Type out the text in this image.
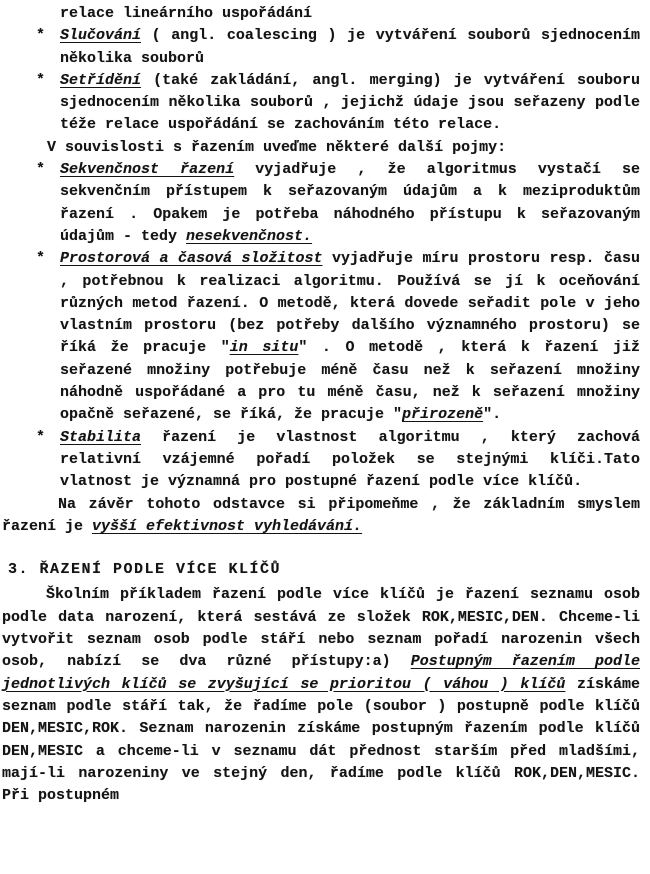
relace lineárního uspořádání

* Slučování ( angl. coalescing ) je vytváření souborů sjednocením několika souborů

* Setřídění (také zakládání, angl. merging) je vytváření souboru sjednocením několika souborů , jejichž údaje jsou seřazeny podle téže relace uspořádání se zachováním této relace.

V souvislosti s řazením uveďme některé další pojmy:

* Sekvenčnost řazení vyjadřuje , že algoritmus vystačí se sekvenčním přístupem k seřazovaným údajům a k meziproduktům řazení . Opakem je potřeba náhodného přístupu k seřazovaným údajům - tedy nesekvenčnost.

* Prostorová a časová složitost vyjadřuje míru prostoru resp. času , potřebnou k realizaci algoritmu. Používá se jí k oceňování různých metod řazení. O metodě, která dovede seřadit pole v jeho vlastním prostoru (bez potřeby dalšího významného prostoru) se říká že pracuje "in situ" . O metodě , která k řazení již seřazené množiny potřebuje méně času než k seřazení množiny náhodně uspořádané a pro tu méně času, než k seřazení množiny opačně seřazené, se říká, že pracuje "přirozeně".

* Stabilita řazení je vlastnost algoritmu , který zachová relativní vzájemné pořadí položek se stejnými klíči.Tato vlatnost je významná pro postupné řazení podle více klíčů.

Na závěr tohoto odstavce si připomeňme , že základním smyslem řazení je vyšší efektivnost vyhledávání.

3. ŘAZENÍ PODLE VÍCE KLÍČŮ

Školním příkladem řazení podle více klíčů je řazení seznamu osob podle data narození, která sestává ze složek ROK,MESIC,DEN. Chceme-li vytvořit seznam osob podle stáří nebo seznam pořadí narozenin všech osob, nabízí se dva různé přístupy:a) Postupným řazením podle jednotlivých klíčů se zvyšující se prioritou ( váhou ) klíčů získáme seznam podle stáří tak, že řadíme pole (soubor ) postupně podle klíčů DEN,MESIC,ROK. Seznam narozenin získáme postupným řazením podle klíčů DEN,MESIC a chceme-li v seznamu dát přednost starším před mladšími, mají-li narozeniny ve stejný den, řadíme podle klíčů ROK,DEN,MESIC. Při postupném
